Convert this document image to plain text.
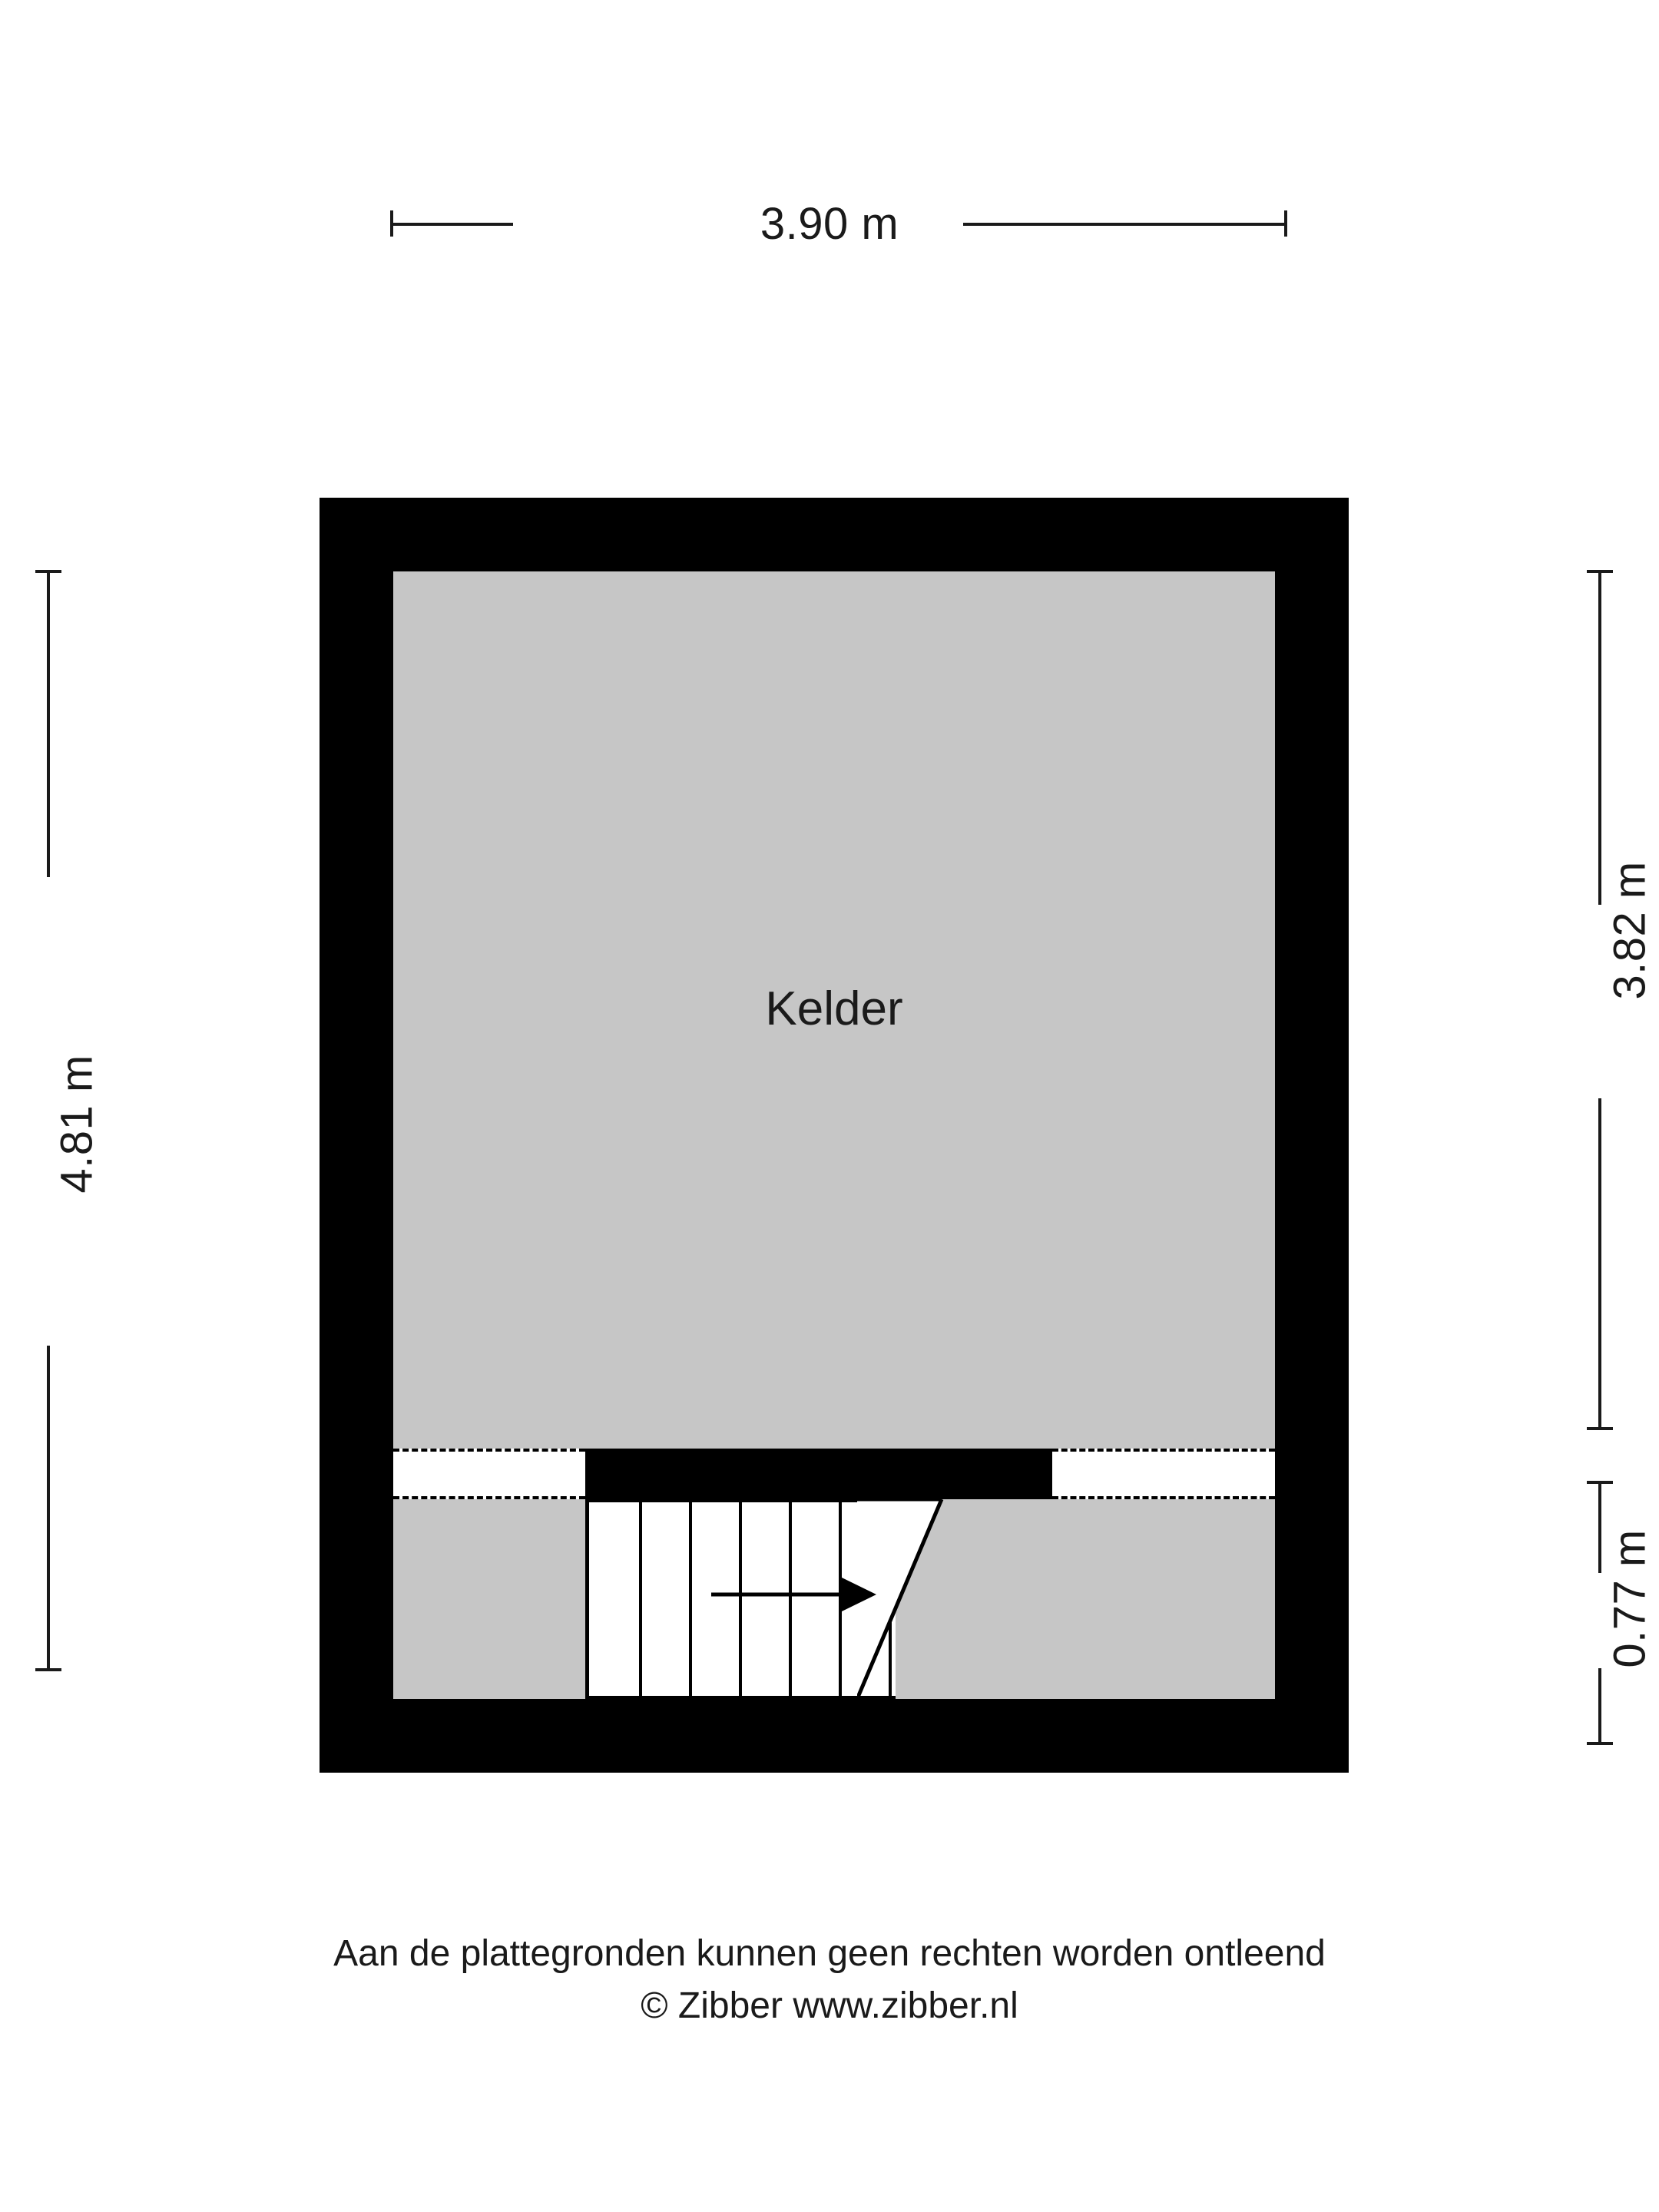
3.90 m
4.81 m
3.82 m
0.77 m
Kelder
Aan de plattegronden kunnen geen rechten worden ontleend
© Zibber www.zibber.nl
